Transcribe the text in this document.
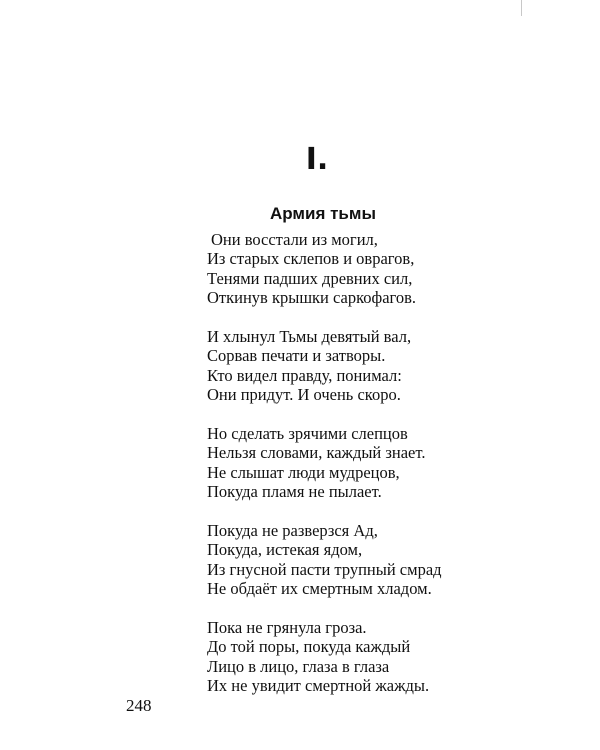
I.
Армия тьмы
Они восстали из могил,
Из старых склепов и оврагов,
Тенями падших древних сил,
Откинув крышки саркофагов.
И хлынул Тьмы девятый вал,
Сорвав печати и затворы.
Кто видел правду, понимал:
Они придут. И очень скоро.
Но сделать зрячими слепцов
Нельзя словами, каждый знает.
Не слышат люди мудрецов,
Покуда пламя не пылает.
Покуда не разверзся Ад,
Покуда, истекая ядом,
Из гнусной пасти трупный смрад
Не обдаёт их смертным хладом.
Пока не грянула гроза.
До той поры, покуда каждый
Лицо в лицо, глаза в глаза
Их не увидит смертной жажды.
248
